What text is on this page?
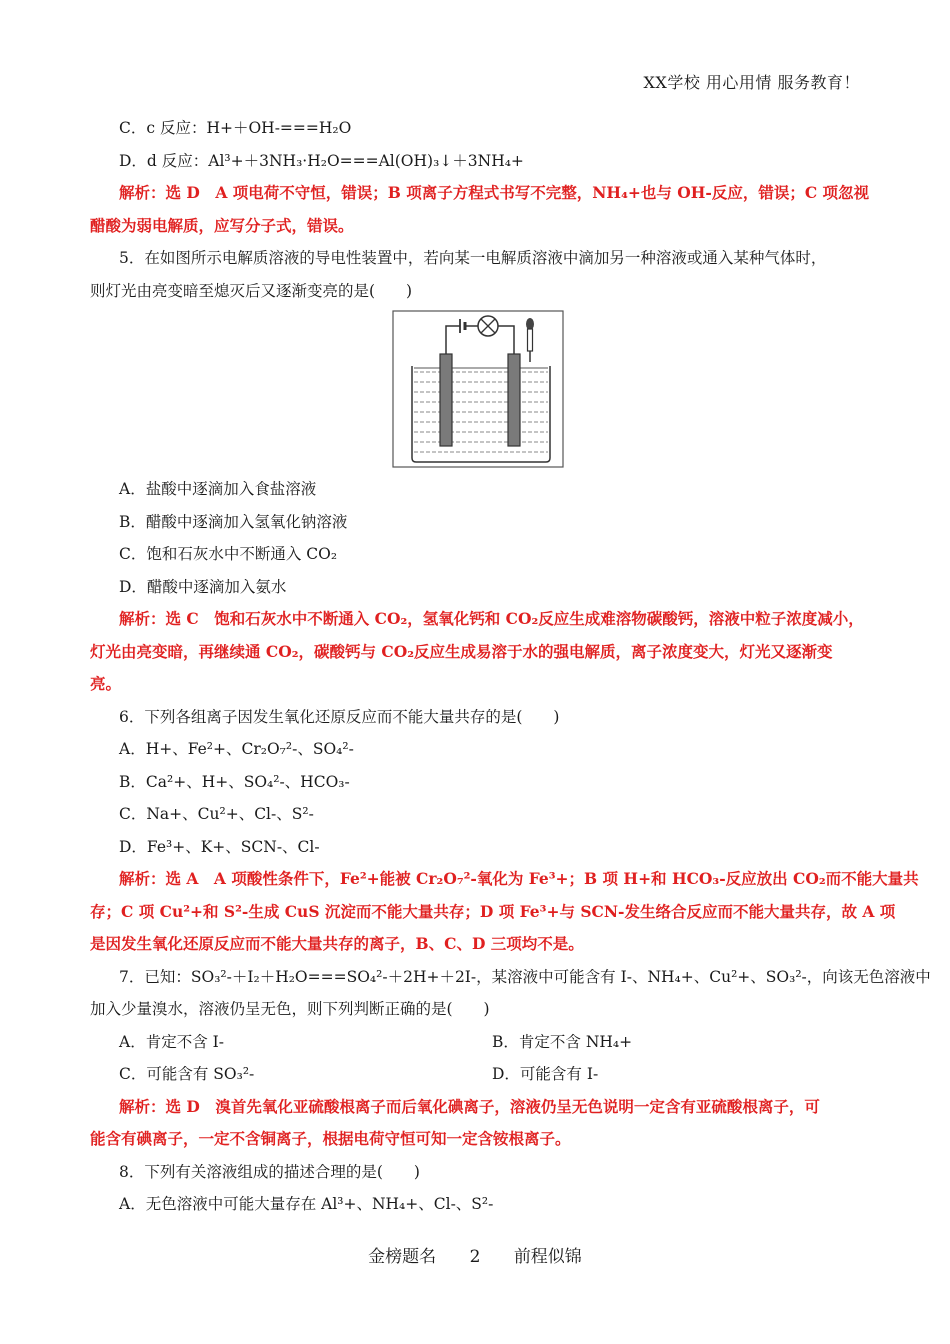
XX学校 用心用情 服务教育！
C．c 反应：H+＋OH-===H₂O
D．d 反应：Al³+＋3NH₃·H₂O===Al(OH)₃↓＋3NH₄+
解析：选 D　A 项电荷不守恒，错误；B 项离子方程式书写不完整，NH₄+也与 OH-反应，错误；C 项忽视
醋酸为弱电解质，应写分子式，错误。
5．在如图所示电解质溶液的导电性装置中，若向某一电解质溶液中滴加另一种溶液或通入某种气体时，
则灯光由亮变暗至熄灭后又逐渐变亮的是(　　)
A．盐酸中逐滴加入食盐溶液
B．醋酸中逐滴加入氢氧化钠溶液
C．饱和石灰水中不断通入 CO₂
D．醋酸中逐滴加入氨水
解析：选 C　饱和石灰水中不断通入 CO₂，氢氧化钙和 CO₂反应生成难溶物碳酸钙，溶液中粒子浓度减小，
灯光由亮变暗，再继续通 CO₂，碳酸钙与 CO₂反应生成易溶于水的强电解质，离子浓度变大，灯光又逐渐变
亮。
6．下列各组离子因发生氧化还原反应而不能大量共存的是(　　)
A．H+、Fe²+、Cr₂O₇²-、SO₄²-
B．Ca²+、H+、SO₄²-、HCO₃-
C．Na+、Cu²+、Cl-、S²-
D．Fe³+、K+、SCN-、Cl-
解析：选 A　A 项酸性条件下，Fe²+能被 Cr₂O₇²-氧化为 Fe³+；B 项 H+和 HCO₃-反应放出 CO₂而不能大量共
存；C 项 Cu²+和 S²-生成 CuS 沉淀而不能大量共存；D 项 Fe³+与 SCN-发生络合反应而不能大量共存，故 A 项
是因发生氧化还原反应而不能大量共存的离子，B、C、D 三项均不是。
7．已知：SO₃²-＋I₂＋H₂O===SO₄²-＋2H+＋2I-，某溶液中可能含有 I-、NH₄+、Cu²+、SO₃²-，向该无色溶液中
加入少量溴水，溶液仍呈无色，则下列判断正确的是(　　)
A．肯定不含 I-	B．肯定不含 NH₄+
C．可能含有 SO₃²-	D．可能含有 I-
解析：选 D　溴首先氧化亚硫酸根离子而后氧化碘离子，溶液仍呈无色说明一定含有亚硫酸根离子，可
能含有碘离子，一定不含铜离子，根据电荷守恒可知一定含铵根离子。
8．下列有关溶液组成的描述合理的是(　　)
A．无色溶液中可能大量存在 Al³+、NH₄+、Cl-、S²-
金榜题名 2 前程似锦
